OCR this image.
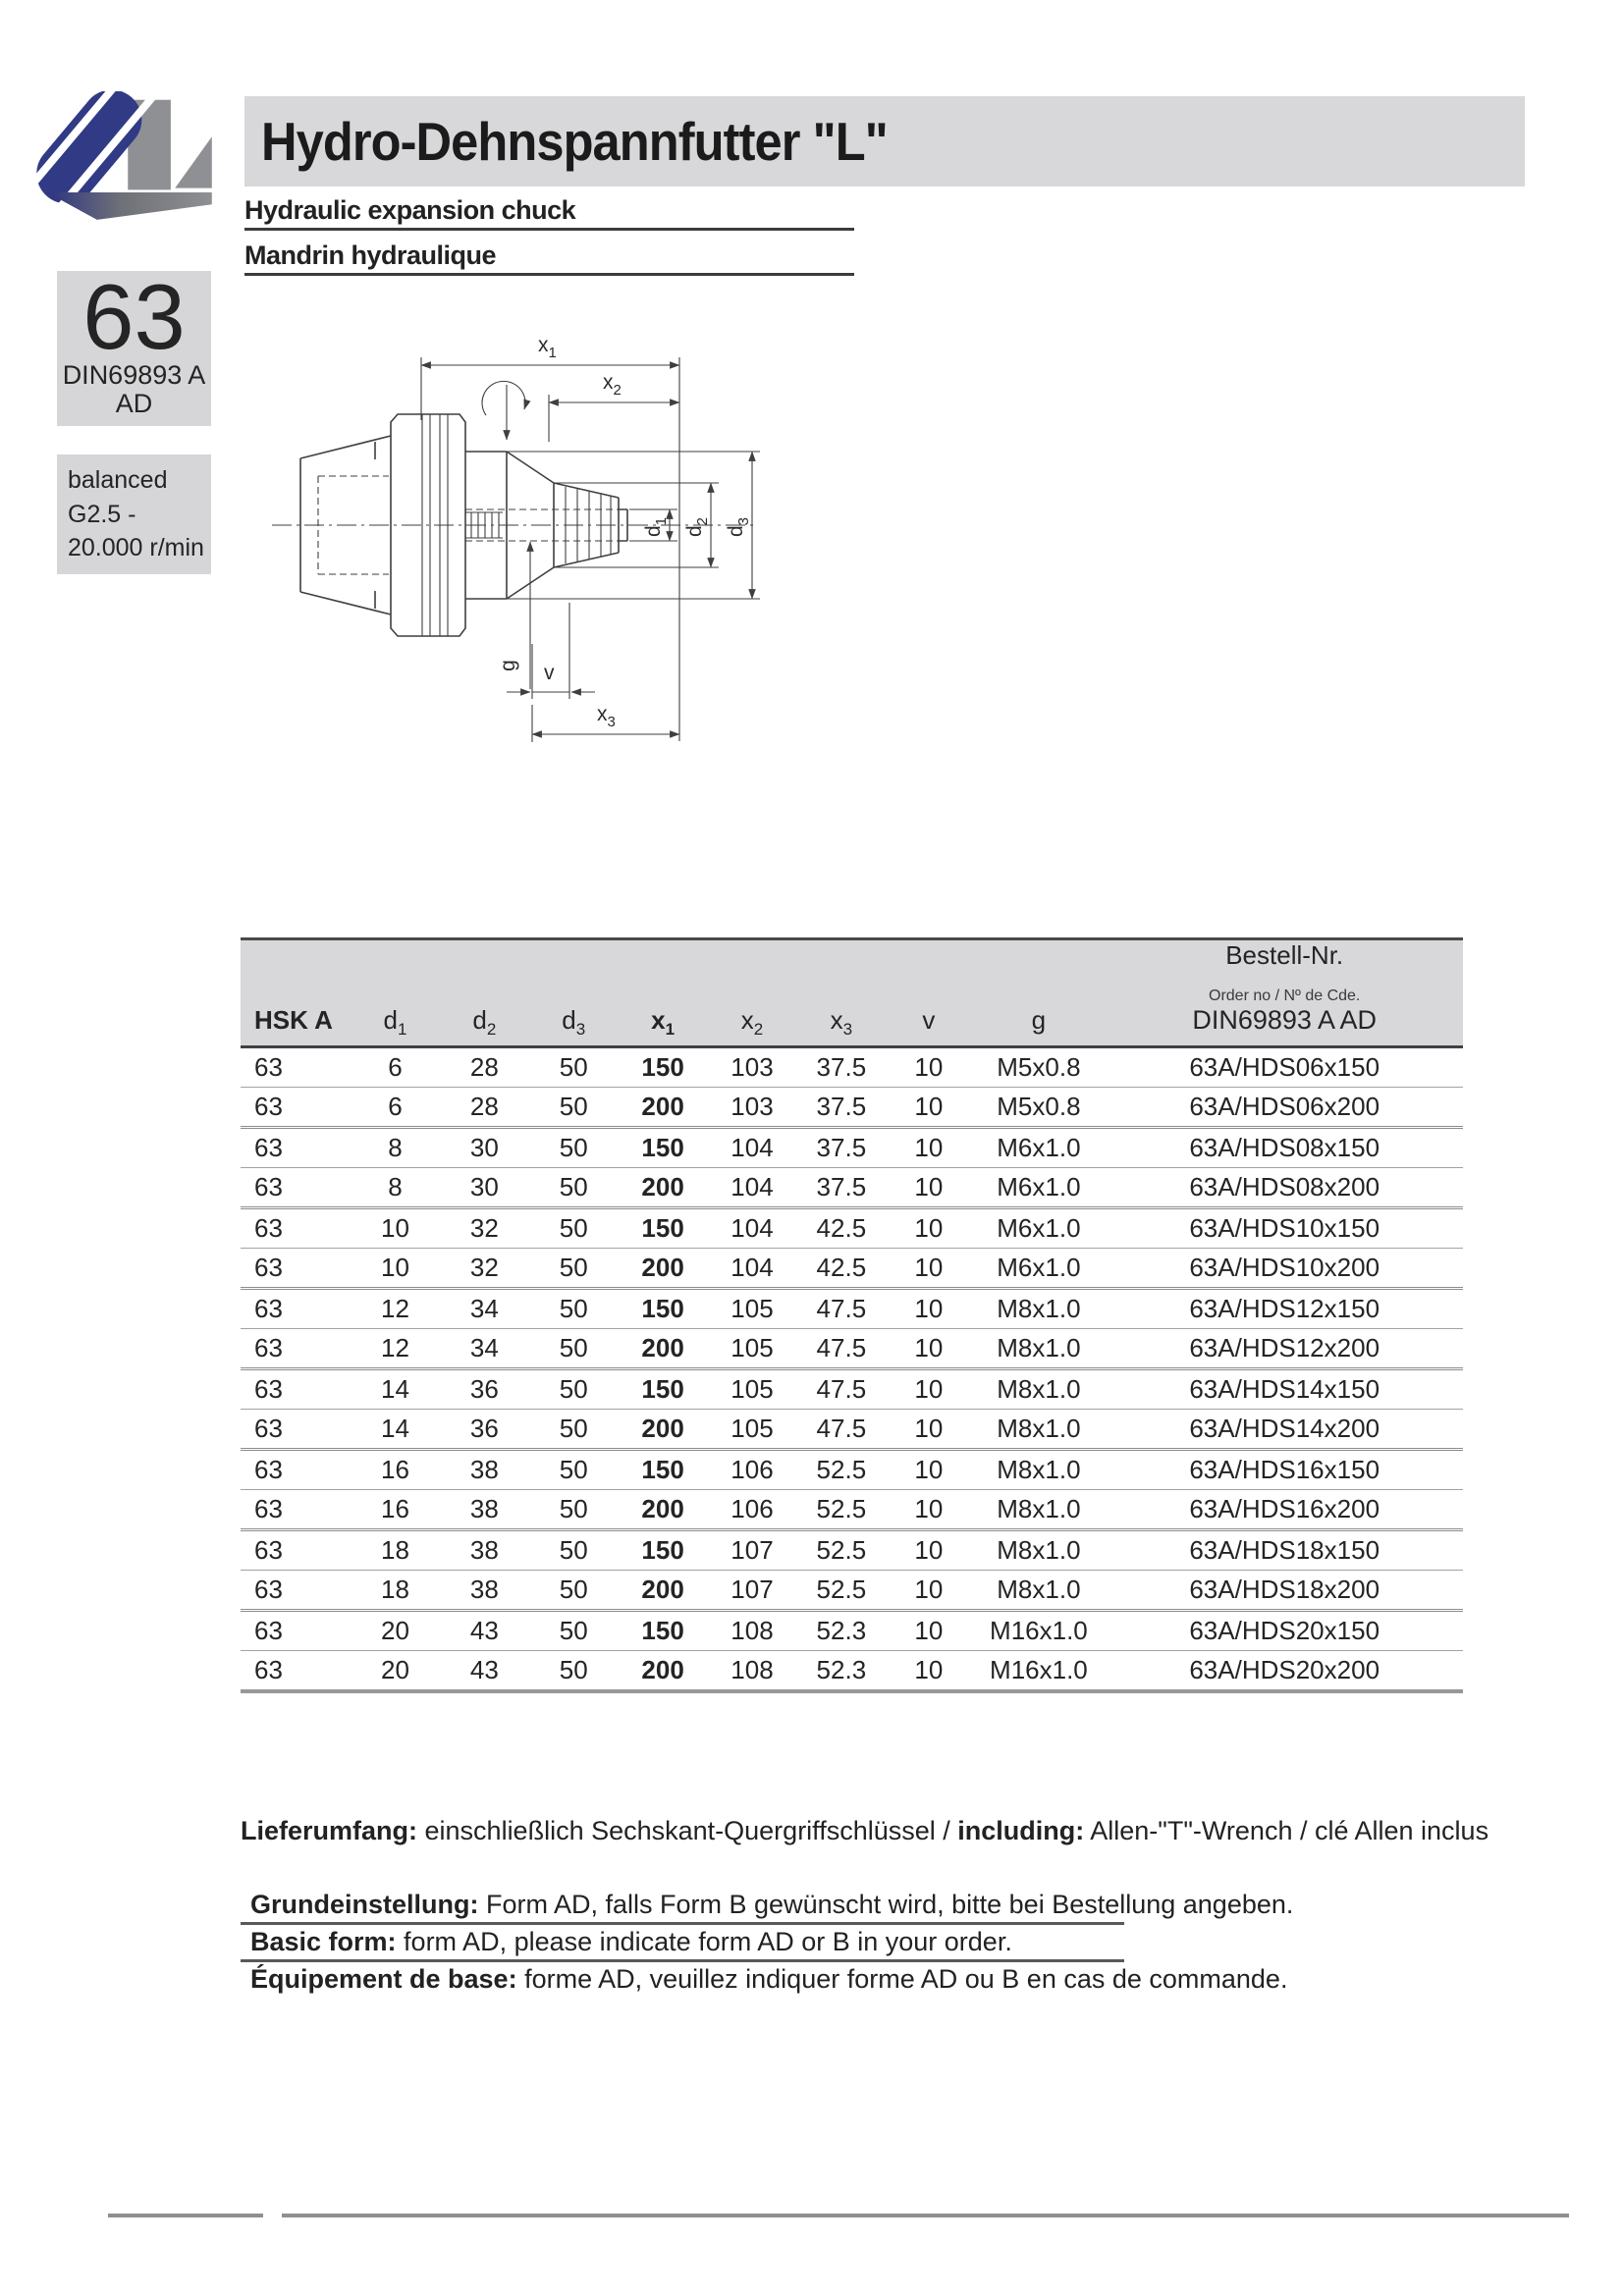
Hydro-Dehnspannfutter "L"
Hydraulic expansion chuck
Mandrin hydraulique
63
DIN69893 A
AD
balanced
G2.5 -
20.000 r/min
$x_1$
$x_2$
$x_3$
v
g
$d_1$
$d_2$
$d_3$
HSK A	$d_1$	$d_2$	$d_3$	$x_1$	$x_2$	$x_3$	v	g	Bestell-Nr.
Order no / Nº de Cde.
DIN69893 A AD

63	6	28	50	150	103	37.5	10	M5x0.8	63A/HDS06x150
63	6	28	50	200	103	37.5	10	M5x0.8	63A/HDS06x200
63	8	30	50	150	104	37.5	10	M6x1.0	63A/HDS08x150
63	8	30	50	200	104	37.5	10	M6x1.0	63A/HDS08x200
63	10	32	50	150	104	42.5	10	M6x1.0	63A/HDS10x150
63	10	32	50	200	104	42.5	10	M6x1.0	63A/HDS10x200
63	12	34	50	150	105	47.5	10	M8x1.0	63A/HDS12x150
63	12	34	50	200	105	47.5	10	M8x1.0	63A/HDS12x200
63	14	36	50	150	105	47.5	10	M8x1.0	63A/HDS14x150
63	14	36	50	200	105	47.5	10	M8x1.0	63A/HDS14x200
63	16	38	50	150	106	52.5	10	M8x1.0	63A/HDS16x150
63	16	38	50	200	106	52.5	10	M8x1.0	63A/HDS16x200
63	18	38	50	150	107	52.5	10	M8x1.0	63A/HDS18x150
63	18	38	50	200	107	52.5	10	M8x1.0	63A/HDS18x200
63	20	43	50	150	108	52.3	10	M16x1.0	63A/HDS20x150
63	20	43	50	200	108	52.3	10	M16x1.0	63A/HDS20x200
Lieferumfang: einschließlich Sechskant-Quergriffschlüssel / including: Allen-"T"-Wrench / clé Allen inclus
Grundeinstellung: Form AD, falls Form B gewünscht wird, bitte bei Bestellung angeben.
Basic form: form AD, please indicate form AD or B in your order.
Équipement de base: forme AD, veuillez indiquer forme AD ou B en cas de commande.
